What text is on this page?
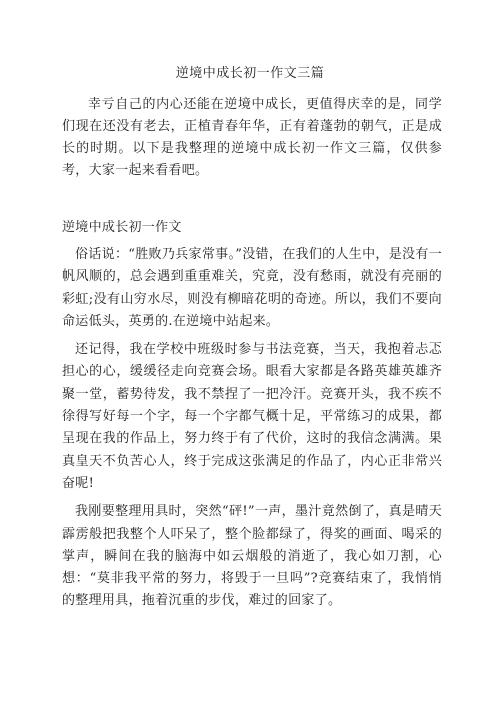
逆境中成长初一作文三篇

幸亏自己的内心还能在逆境中成长，更值得庆幸的是，同学们现在还没有老去，正植青春年华，正有着蓬勃的朝气，正是成长的时期。以下是我整理的逆境中成长初一作文三篇，仅供参考，大家一起来看看吧。

逆境中成长初一作文

俗话说：“胜败乃兵家常事。”没错，在我们的人生中，是没有一帆风顺的，总会遇到重重难关，究竟，没有愁雨，就没有亮丽的彩虹;没有山穷水尽，则没有柳暗花明的奇迹。所以，我们不要向命运低头，英勇的.在逆境中站起来。

还记得，我在学校中班级时参与书法竞赛，当天，我抱着忐忑担心的心，缓缓径走向竞赛会场。眼看大家都是各路英雄英雄齐聚一堂，蓄势待发，我不禁捏了一把冷汗。竞赛开头，我不疾不徐得写好每一个字，每一个字都气概十足，平常练习的成果，都呈现在我的作品上，努力终于有了代价，这时的我信念满满。果真皇天不负苦心人，终于完成这张满足的作品了，内心正非常兴奋呢!

我刚要整理用具时，突然“砰!”一声，墨汁竟然倒了，真是晴天霹雳般把我整个人吓呆了，整个脸都绿了，得奖的画面、喝采的掌声，瞬间在我的脑海中如云烟般的消逝了，我心如刀割，心想：“莫非我平常的努力，将毁于一旦吗”?竞赛结束了，我悄悄的整理用具，拖着沉重的步伐，难过的回家了。
